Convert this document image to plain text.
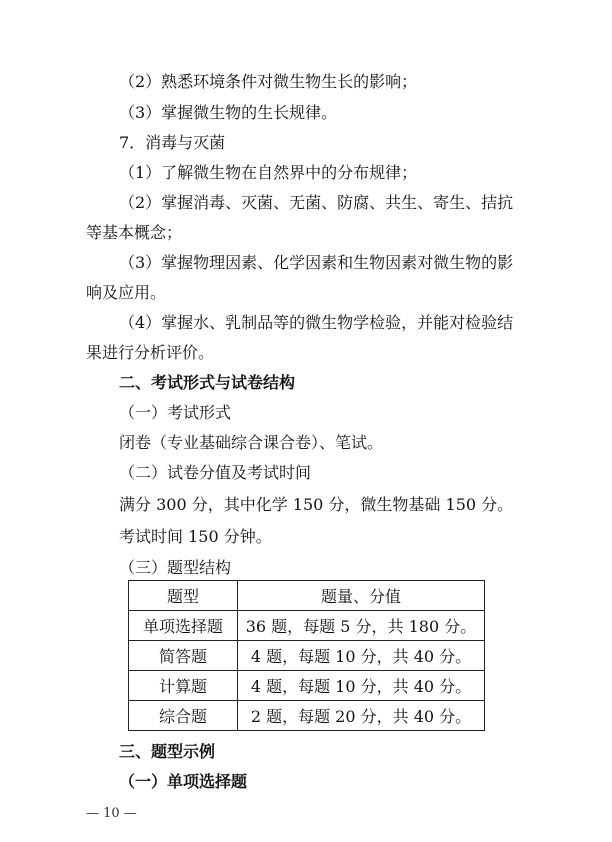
（2）熟悉环境条件对微生物生长的影响；
（3）掌握微生物的生长规律。
7．消毒与灭菌
（1）了解微生物在自然界中的分布规律；
（2）掌握消毒、灭菌、无菌、防腐、共生、寄生、拮抗
等基本概念；
（3）掌握物理因素、化学因素和生物因素对微生物的影
响及应用。
（4）掌握水、乳制品等的微生物学检验，并能对检验结
果进行分析评价。
二、考试形式与试卷结构
（一）考试形式
闭卷（专业基础综合课合卷）、笔试。
（二）试卷分值及考试时间
满分 300 分，其中化学 150 分，微生物基础 150 分。
考试时间 150 分钟。
（三）题型结构
题型	题量、分值
单项选择题	36 题，每题 5 分，共 180 分。
简答题	4 题，每题 10 分，共 40 分。
计算题	4 题，每题 10 分，共 40 分。
综合题	2 题，每题 20 分，共 40 分。
三、题型示例
（一）单项选择题
— 10 —
